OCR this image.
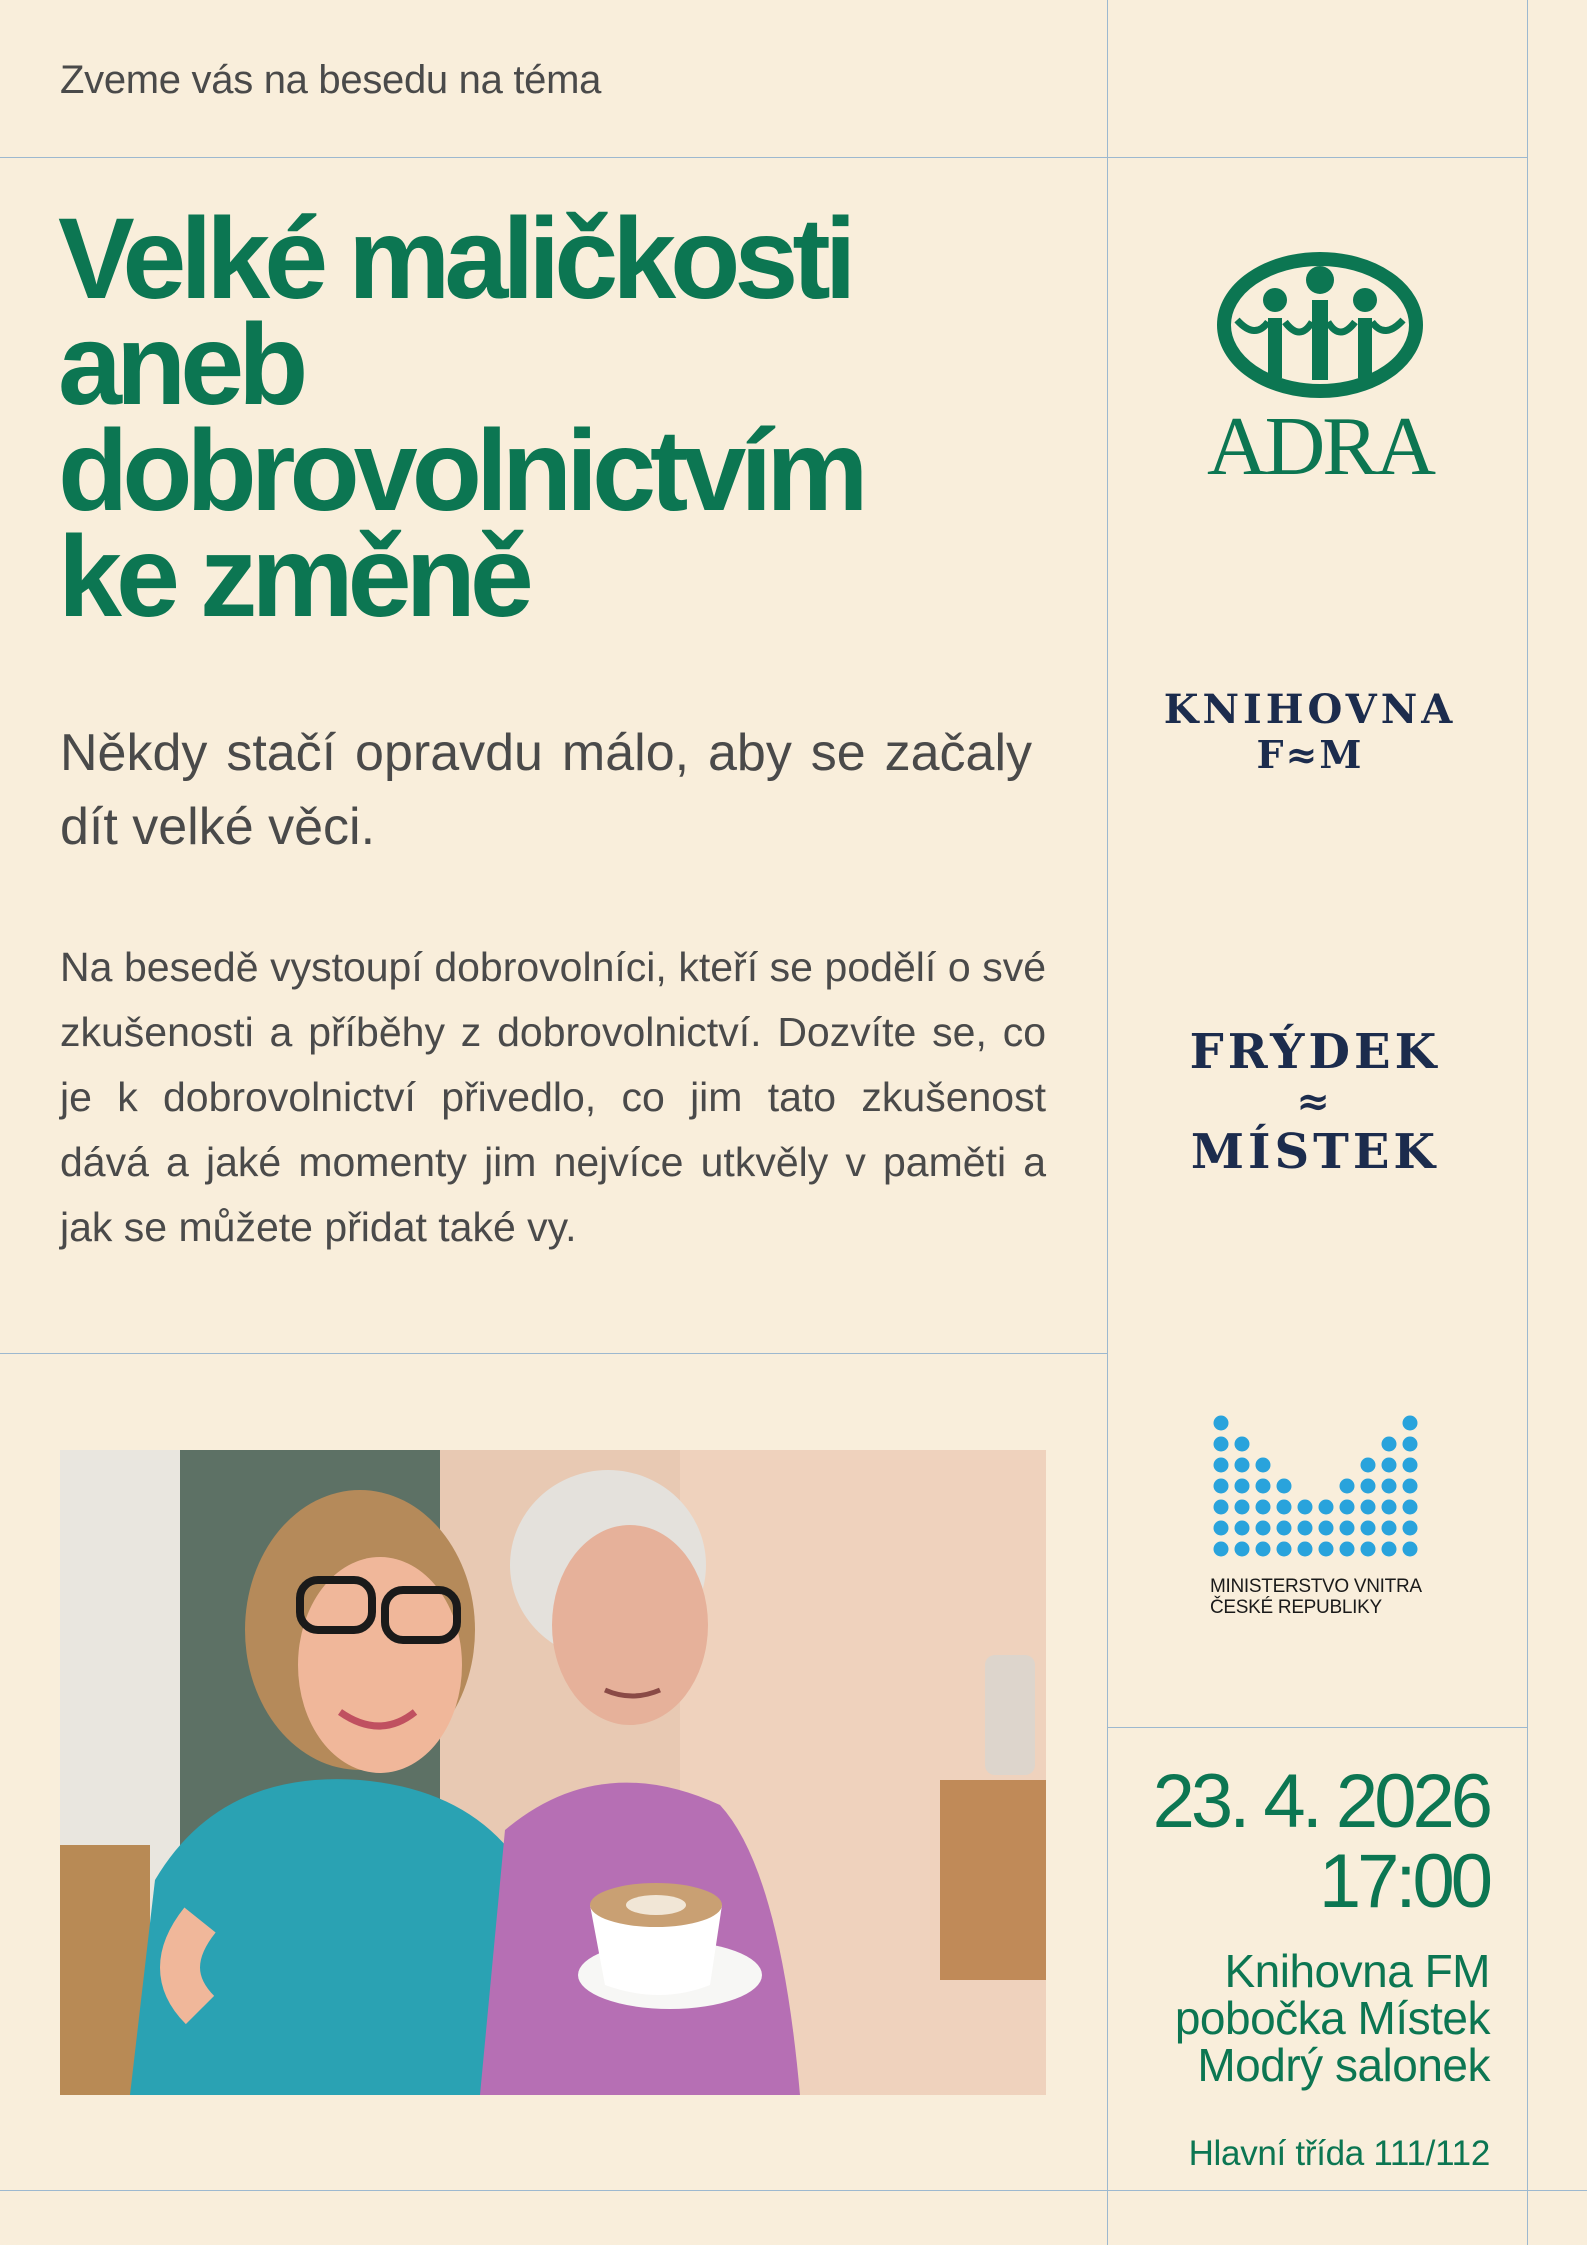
Zveme vás na besedu na téma
Velké maličkosti
aneb
dobrovolnictvím
ke změně

Někdy stačí opravdu málo, aby se začaly dít velké věci.

Na besedě vystoupí dobrovolníci, kteří se podělí o své zkušenosti a příběhy z dobrovolnictví. Dozvíte se, co je k dobrovolnictví přivedlo, co jim tato zkušenost dává a jaké momenty jim nejvíce utkvěly v paměti a jak se můžete přidat také vy.

ADRA
KNIHOVNA
F≈M
FRÝDEK
≈
MÍSTEK
MINISTERSTVO VNITRA
ČESKÉ REPUBLIKY
23. 4. 2026
17:00
Knihovna FM
pobočka Místek
Modrý salonek
Hlavní třída 111/112
